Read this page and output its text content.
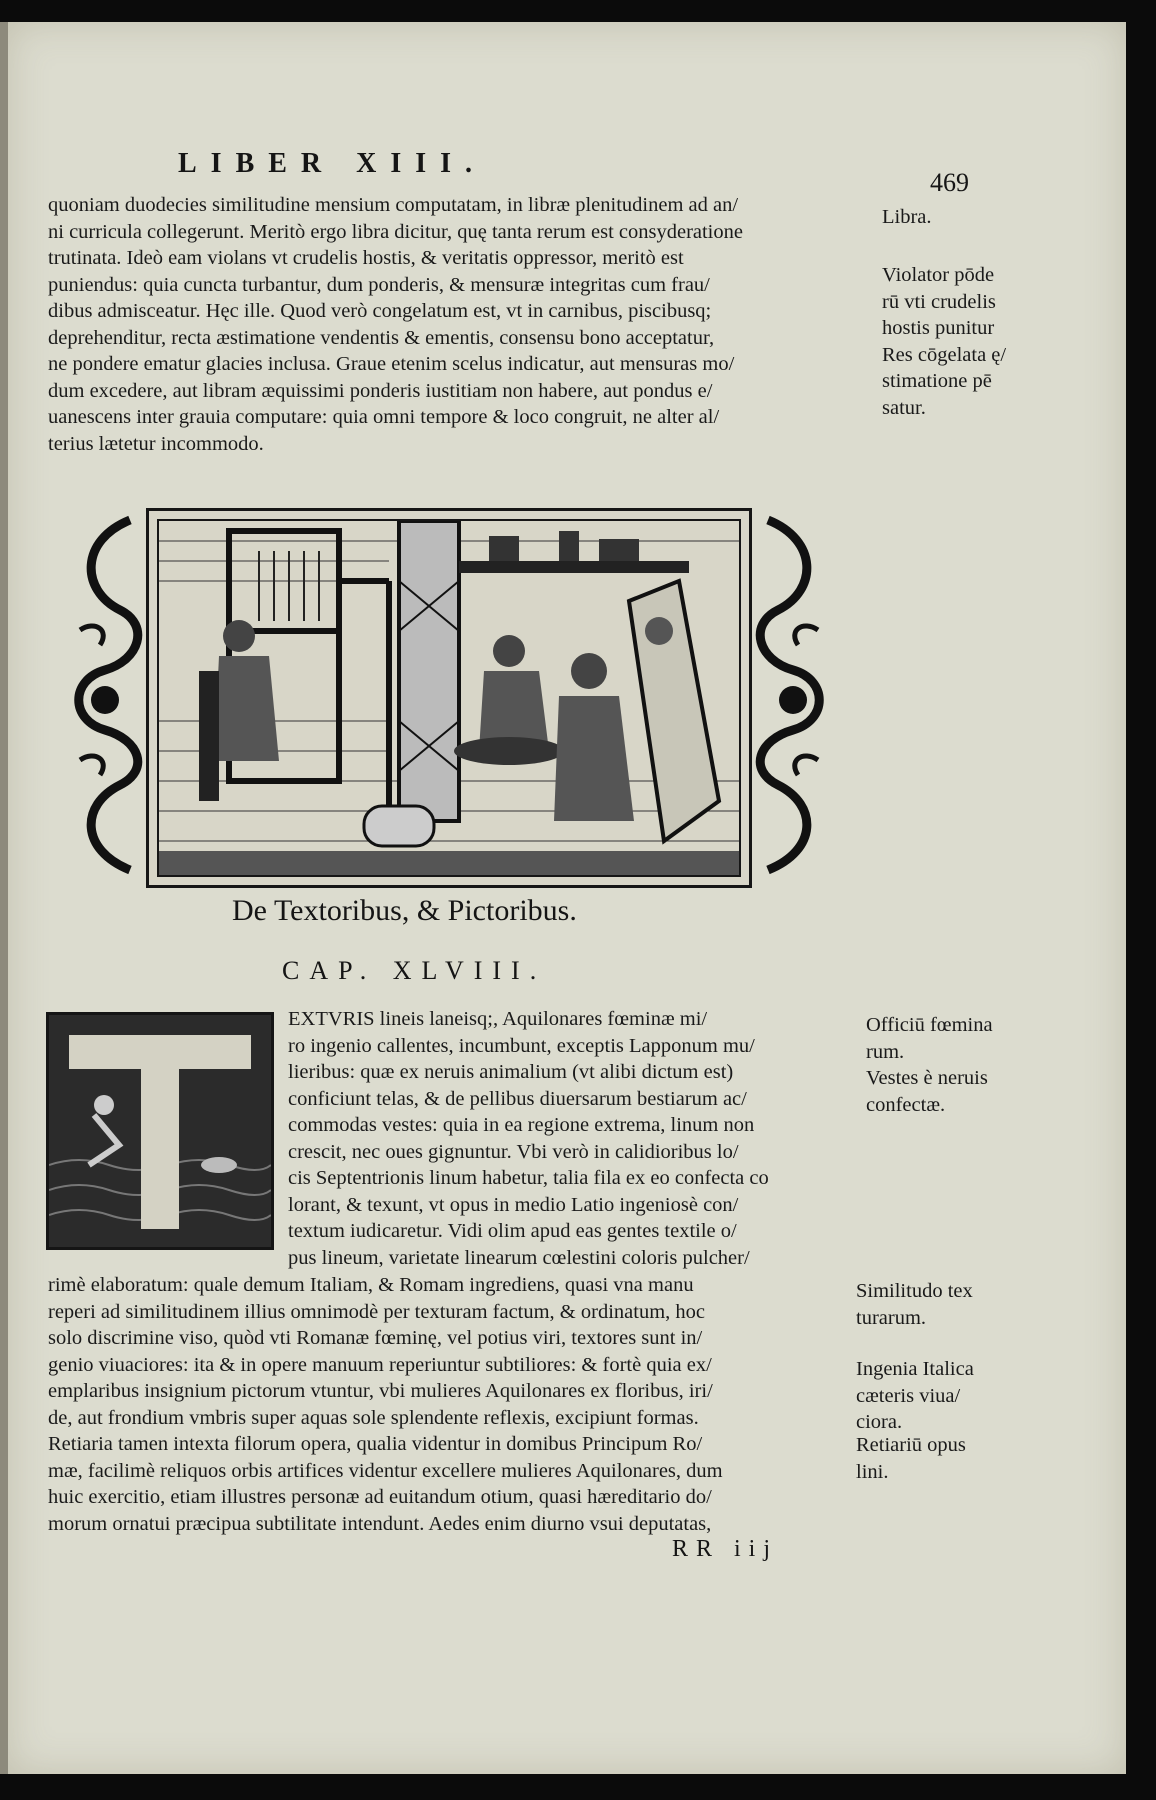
LIBER XIII.
469
quoniam duodecies similitudine mensium computatam, in libræ plenitudinem ad an/
ni curricula collegerunt. Meritò ergo libra dicitur, quę tanta rerum est consyderatione
trutinata. Ideò eam violans vt crudelis hostis, & veritatis oppressor, meritò est
puniendus: quia cuncta turbantur, dum ponderis, & mensuræ integritas cum frau/
dibus admisceatur. Hęc ille. Quod verò congelatum est, vt in carnibus, piscibusq;
deprehenditur, recta æstimatione vendentis & ementis, consensu bono acceptatur,
ne pondere ematur glacies inclusa. Graue etenim scelus indicatur, aut mensuras mo/
dum excedere, aut libram æquissimi ponderis iustitiam non habere, aut pondus e/
uanescens inter grauia computare: quia omni tempore & loco congruit, ne alter al/
terius lætetur incommodo.
Libra.
Violator pōde
rū vti crudelis
hostis punitur
Res cōgelata ę/
stimatione pē
satur.
De Textoribus, & Pictoribus.
CAP. XLVIII.
EXTVRIS lineis laneisq;, Aquilonares fœminæ mi/
ro ingenio callentes, incumbunt, exceptis Lapponum mu/
lieribus: quæ ex neruis animalium (vt alibi dictum est)
conficiunt telas, & de pellibus diuersarum bestiarum ac/
commodas vestes: quia in ea regione extrema, linum non
crescit, nec oues gignuntur. Vbi verò in calidioribus lo/
cis Septentrionis linum habetur, talia fila ex eo confecta co
lorant, & texunt, vt opus in medio Latio ingeniosè con/
textum iudicaretur. Vidi olim apud eas gentes textile o/
pus lineum, varietate linearum cœlestini coloris pulcher/
Officiū fœmina
rum.
Vestes è neruis
confectæ.
rimè elaboratum: quale demum Italiam, & Romam ingrediens, quasi vna manu
reperi ad similitudinem illius omnimodè per texturam factum, & ordinatum, hoc
solo discrimine viso, quòd vti Romanæ fœminę, vel potius viri, textores sunt in/
genio viuaciores: ita & in opere manuum reperiuntur subtiliores: & fortè quia ex/
emplaribus insignium pictorum vtuntur, vbi mulieres Aquilonares ex floribus, iri/
de, aut frondium vmbris super aquas sole splendente reflexis, excipiunt formas.
Retiaria tamen intexta filorum opera, qualia videntur in domibus Principum Ro/
mæ, facilimè reliquos orbis artifices videntur excellere mulieres Aquilonares, dum
huic exercitio, etiam illustres personæ ad euitandum otium, quasi hæreditario do/
morum ornatui præcipua subtilitate intendunt. Aedes enim diurno vsui deputatas,
Similitudo tex
turarum.
Ingenia Italica
cæteris viua/
ciora.
Retiariū opus
lini.
RR iij
